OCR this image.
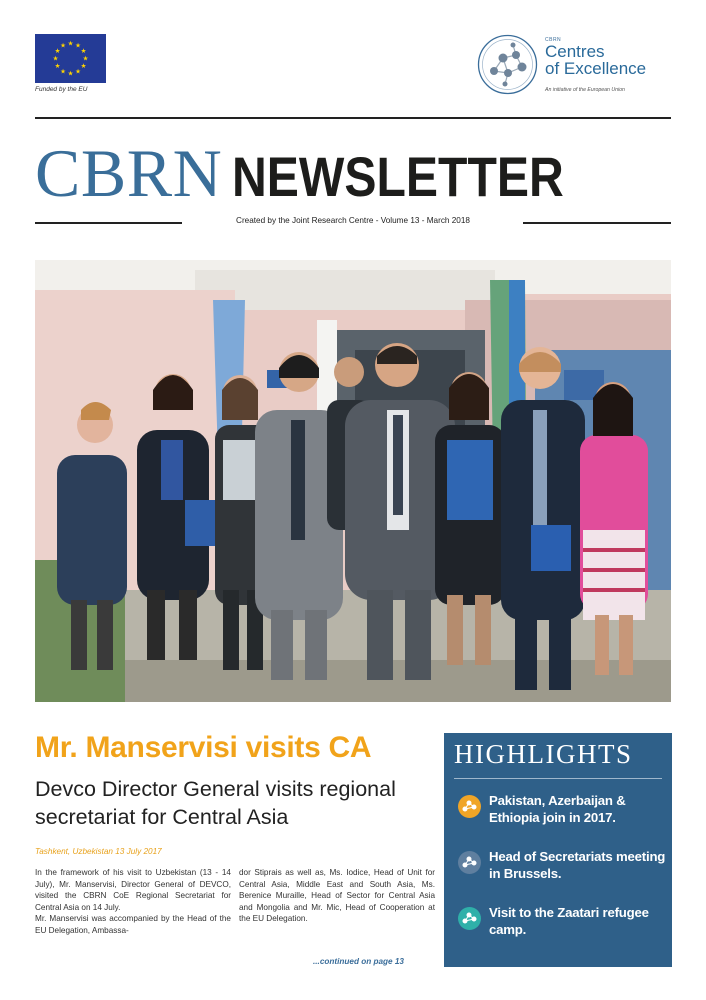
★ ★
★
★
★
★
★
★
★
★
★
★
Funded by the EU
CBRN
Centres
of Excellence
An initiative of the European Union
CBRN NEWSLETTER
Created by the Joint Research Centre - Volume 13 - March 2018
Mr. Manservisi visits CA
Devco Director General visits regional secretariat for Central Asia
Tashkent, Uzbekistan 13 July 2017

In the framework of his visit to Uzbekistan (13 - 14 July), Mr. Manservisi, Director General of DEVCO, visited the CBRN CoE Regional Secretariat for Central Asia on 14 July.

Mr. Manservisi was accompanied by the Head of the EU Delegation, Ambassa-

dor Stiprais as well as, Ms. Iodice, Head of Unit for Central Asia, Middle East and South Asia, Ms. Berenice Muraille, Head of Sector for Central Asia and Mongolia and Mr. Mic, Head of Cooperation at the EU Delegation.

...continued on page 13
HIGHLIGHTS
Pakistan, Azerbaijan & Ethiopia join in 2017.
Head of Secretariats meeting in Brussels.
Visit to the Zaatari refugee camp.
